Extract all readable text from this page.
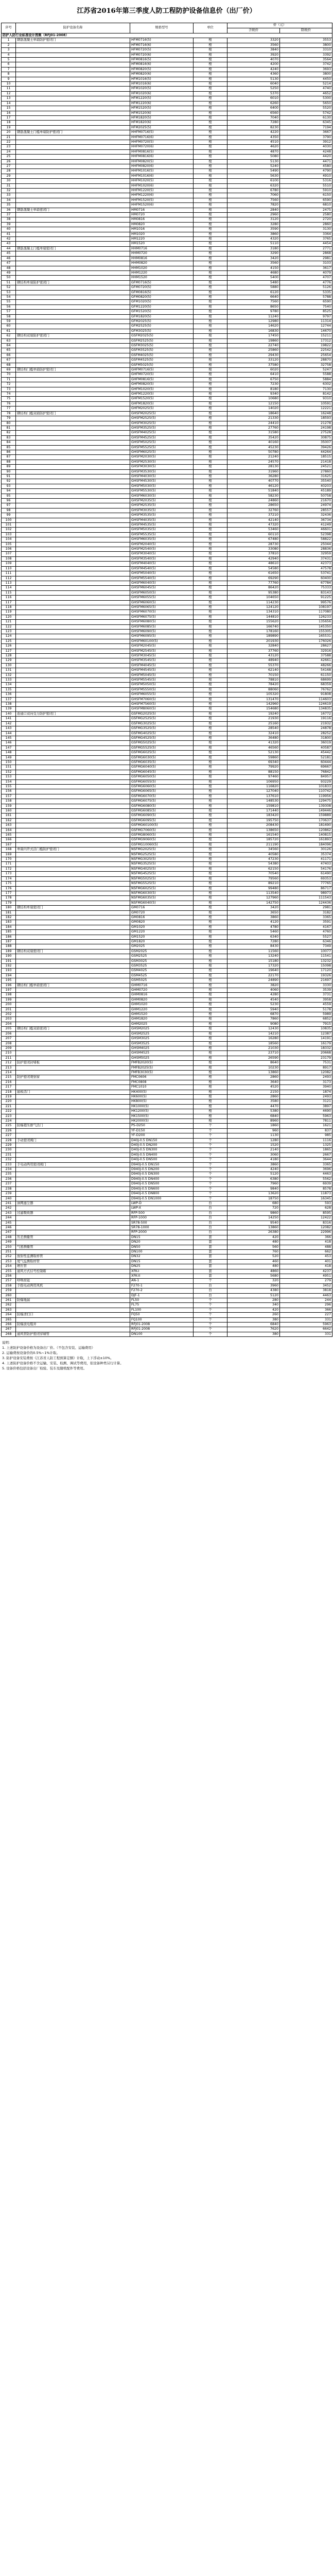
江苏省2016年第三季度人防工程防护设备信息价（出厂价）
序号	防护设备名称	规格型号	单位	价（元）	
				含税价	除税价
防护人防行业标准设计图集（RFJ01-2008）					
1	钢筋混凝土单扇防护密闭门	HFM0716(5)	樘	3320	3553
2		HFM0716(6)	樘	3560	3800
3		HFM0720(5)	樘	3840	3310
4		HFM0720(6)	樘	3920	3392
5		HFM0816(5)	樘	4070	3564
6		HFM0816(6)	樘	4200	3742
7		HFM0820(5)	樘	4240	3693
8		HFM0820(6)	樘	4360	3800
9		HFM1016(5)	樘	5130	4450
10		HFM1016(6)	樘	6040	5214
11		HFM1020(5)	樘	5250	4740
12		HFM1020(6)	樘	5370	4652
13		HFM1220(5)	樘	6010	5300
14		HFM1220(6)	樘	6260	5650
15		HFM1520(5)	樘	6400	5520
16		HFM1520(6)	樘	6560	5742
17		HFM1820(5)	樘	7040	6130
18		HFM1820(6)	樘	7280	6345
19		HFM2025(5)	樘	8230	7194
20	钢筋混凝土门槛单扇防护密闭门	HHFM0716(5)	樘	4220	3667
21		HHFM0716(6)	樘	4350	3790
22		HHFM0720(5)	樘	4510	3912
23		HHFM0720(6)	樘	4620	4030
24		HHFM0816(5)	樘	4870	4248
25		HHFM0816(6)	樘	5080	4420
26		HHFM0820(5)	樘	5130	4471
27		HHFM0820(6)	樘	5240	4580
28		HHFM1016(5)	樘	5490	4790
29		HHFM1016(6)	樘	5630	4910
30		HHFM1020(5)	樘	6100	5316
31		HHFM1020(6)	樘	6320	5510
32		HHFM1220(5)	樘	6780	5910
33		HHFM1220(6)	樘	7060	6150
34		HHFM1520(5)	樘	7560	6590
35		HHFM1520(6)	樘	7820	6810
36	钢筋混凝土单扇密闭门	HM0716	樘	2840	2475
37		HM0720	樘	2960	2580
38		HM0816	樘	3120	2720
39		HM0820	樘	3280	2860
40		HM1016	樘	3590	3130
41		HM1020	樘	3860	3364
42		HM1220	樘	4320	3765
43		HM1520	樘	5110	4454
44	钢筋混凝土门槛单扇密闭门	HHM0716	樘	3180	2771
45		HHM0720	樘	3290	2868
46		HHM0816	樘	3420	2981
47		HHM0820	樘	3560	3103
48		HHM1020	樘	4150	3617
49		HHM1220	樘	4680	4079
50		HHM1520	樘	5400	4707
51	钢结构单扇防护密闭门	GFM0716(5)	樘	5480	4776
52		GFM0720(5)	樘	5880	5126
53		GFM0816(5)	樘	6120	5335
54		GFM0820(5)	樘	6640	5788
55		GFM1020(5)	樘	7560	6590
56		GFM1220(5)	樘	8650	7540
57		GFM1520(5)	樘	9780	8525
58		GFM1820(5)	樘	11240	9797
59		GFM2025(5)	樘	12980	11314
60		GFM2525(5)	樘	14620	12744
61		GFM3025(5)	樘	16830	14670
62	钢结构双扇防护密闭门	GSFM2025(5)	樘	17450	15211
63		GSFM2525(5)	樘	19860	17312
64		GSFM3025(5)	樘	22740	19822
65		GSFM3525(5)	樘	25860	22542
66		GSFM4025(5)	樘	29430	25654
67		GSFM4525(5)	樘	33120	28870
68		GSFM5025(5)	樘	37580	32758
69	钢结构门槛单扇防护密闭门	GHFM0716(5)	樘	6020	5247
70		GHFM0720(5)	樘	6410	5588
71		GHFM0816(5)	樘	6750	5884
72		GHFM0820(5)	樘	7230	6302
73		GHFM1020(5)	樘	8180	7130
74		GHFM1220(5)	樘	9340	8142
75		GHFM1520(5)	樘	10680	9310
76		GHFM1820(5)	樘	12150	10591
77		GHFM2025(5)	樘	14020	12221
78	钢结构门槛双扇防护密闭门	GHSFM2025(5)	樘	18640	16248
79		GHSFM2525(5)	樘	21330	18593
80		GHSFM3025(5)	樘	24410	21278
81		GHSFM3525(5)	樘	27760	24198
82		GHSFM4025(5)	樘	31580	27528
83		GHSFM4525(5)	樘	35420	30875
84		GHSFM5025(5)	樘	40160	35007
85		GHSFM5525(5)	樘	45230	39426
86		GHSFM6025(5)	樘	50780	44264
87		GHSFM2030(5)	樘	21240	18515
88		GHSFM2530(5)	樘	24570	21418
89		GHSFM3030(5)	樘	28130	24521
90		GHSFM3530(5)	樘	31960	27860
91		GHSFM4030(5)	樘	36280	31625
92		GHSFM4530(5)	樘	40770	35540
93		GHSFM5030(5)	樘	46120	40203
94		GHSFM5530(5)	樘	51840	45189
95		GHSFM6030(5)	樘	58230	50758
96		GHSFM2035(5)	樘	24860	21670
97		GHSFM2535(5)	樘	28650	24974
98		GHSFM3035(5)	樘	32760	28557
99		GHSFM3535(5)	樘	37210	32436
100		GHSFM4035(5)	樘	42140	36734
101		GHSFM4535(5)	樘	47320	41249
102		GHSFM5035(5)	樘	53460	46601
103		GHSFM5535(5)	樘	60110	52398
104		GHSFM6035(5)	樘	67480	58822
105		GHSFM2040(5)	樘	28730	25044
106		GHSFM2540(5)	樘	33080	28836
107		GHSFM3040(5)	樘	37810	32959
108		GHSFM3540(5)	樘	42940	37431
109		GHSFM4040(5)	樘	48610	42373
110		GHSFM4540(5)	樘	54580	47578
111		GHSFM5040(5)	樘	61650	53741
112		GHSFM5540(5)	樘	69290	60400
113		GHSFM6040(5)	樘	77760	67784
114		GHSFM6045(5)	樘	86420	75333
115		GHSFM6050(5)	樘	95380	83143
116		GHSFM6055(5)	樘	104650	91225
117		GHSFM6060(5)	樘	114230	99576
118		GHSFM6065(5)	樘	124120	108197
119		GHSFM6070(5)	樘	134310	117080
120		GHSFM6075(5)	樘	144810	126233
121		GHSFM6080(5)	樘	155620	135656
122		GHSFM6085(5)	樘	166740	145350
123		GHSFM6090(5)	樘	178160	155305
124		GHSFM6095(5)	樘	189890	165531
125		GHSFM60100(5)	樘	201930	176026
126		GHSFM2045(5)	樘	32840	28627
127		GHSFM2545(5)	樘	37760	32916
128		GHSFM3045(5)	樘	43120	37588
129		GHSFM3545(5)	樘	48940	42661
130		GHSFM4045(5)	樘	55370	48266
131		GHSFM4545(5)	樘	62140	54168
132		GHSFM5045(5)	樘	70150	61150
133		GHSFM5545(5)	樘	78810	68699
134		GHSFM5050(5)	樘	78420	68359
135		GHSFM5550(5)	樘	88060	76762
136		GHSFM6055(5)	樘	105320	91808
137		GHSFM7060(5)	樘	131470	114603
138		GHSFM7560(5)	樘	142960	124619
139		GHSFM8060(5)	樘	154680	134835
140	连通口双向受力防护密闭门	GSFMG2025(5)	樘	19240	16772
141		GSFMG2525(5)	樘	21930	19116
142		GSFMG3025(5)	樘	25160	21932
143		GSFMG3525(5)	樘	28540	24878
144		GSFMG4025(5)	樘	32410	28252
145		GSFMG4525(5)	樘	36480	31800
146		GSFMG5025(5)	樘	41320	36019
147		GSFMG5525(5)	樘	46560	40587
148		GSFMG6025(5)	樘	52130	45442
149		GSFMG6030(5)	樘	59860	52181
150		GSFMG6035(5)	樘	69340	60444
151		GSFMG6040(5)	樘	79920	69667
152		GSFMG6045(5)	樘	88150	76842
153		GSFMG6050(5)	樘	97460	84957
154		GSFMG6055(5)	樘	106950	93229
155		GSFMG6060(5)	樘	116820	101833
156		GSFMG6065(5)	樘	127040	110742
157		GSFMG6070(5)	樘	137610	119956
158		GSFMG6075(5)	樘	148530	129475
159		GSFMG6080(5)	樘	159810	139308
160		GSFMG6085(5)	樘	171440	149446
161		GSFMG6090(5)	樘	183420	159889
162		GSFMG6095(5)	樘	195750	170637
163		GSFMG60100(5)	樘	208430	181690
164		GSFMG7060(5)	樘	138650	120862
165		GSFMG8060(5)	樘	161540	140815
166		GSFMG9060(5)	樘	185720	161893
167		GSFMG10060(5)	樘	211190	184096
168	单扇内开式活门槛防护密闭门	NSFMG2025(5)	樘	34560	30126
169		NSFMG2525(5)	樘	40580	35374
170		NSFMG3025(5)	樘	47230	41171
171		NSFMG3525(5)	樘	54380	47403
172		NSFMG4025(5)	樘	62150	54176
173		NSFMG4525(5)	樘	70540	61490
174		NSFMG5025(5)	樘	79560	69353
175		NSFMG5525(5)	樘	89210	77765
176		NSFMG6025(5)	樘	99480	86717
177		NSFMG6030(5)	樘	113540	98973
178		NSFMG6035(5)	樘	127960	111543
179		NSFMG6040(5)	樘	142750	124436
180	钢结构单扇密闭门	GM0716	樘	3420	2981
181		GM0720	樘	3650	3182
182		GM0816	樘	3860	3365
183		GM0820	樘	4120	3591
184		GM1020	樘	4780	4167
185		GM1220	樘	5460	4760
186		GM1520	樘	6340	5527
187		GM1820	樘	7280	6346
188		GM2025	樘	8430	7349
189	钢结构双扇密闭门	GSM2025	樘	11560	10077
190		GSM2525	樘	13240	11541
191		GSM3025	樘	15180	13232
192		GSM3525	樘	17320	15098
193		GSM4025	樘	19640	17120
194		GSM4525	樘	22170	19326
195		GSM5025	樘	24890	21697
196	钢结构门槛单扇密闭门	GHM0716	樘	3820	3330
197		GHM0720	樘	4060	3539
198		GHM0816	樘	4280	3731
199		GHM0820	樘	4540	3958
200		GHM1020	樘	5230	4559
201		GHM1220	樘	5940	5178
202		GHM1520	樘	6870	5989
203		GHM1820	樘	7860	6852
204		GHM2025	樘	9080	7915
205	钢结构门槛双扇密闭门	GHSM2025	樘	12430	10835
206		GHSM2525	樘	14210	12387
207		GHSM3025	樘	16280	14191
208		GHSM3525	樘	18560	16179
209		GHSM4025	樘	21030	18332
210		GHSM4525	樘	23710	20668
211		GHSM5025	樘	26590	23179
212	防护密闭封堵板	FMFB2020(5)	樘	8640	7531
213		FMFB2025(5)	樘	10230	8917
214		FMFB3030(5)	樘	13860	12082
215	防护密闭观察窗	FMC0606	樘	2860	2493
216		FMC0808	樘	3640	3173
217		FMC1010	樘	4520	3940
218	悬板活门	HK400(5)	樘	2150	1874
219		HK600(5)	樘	2860	2493
220		HK800(5)	樘	3580	3121
221		HK1000(5)	樘	4470	3897
222		HK1200(5)	樘	5380	4690
223		HK1500(5)	樘	6840	5963
224		HK2000(5)	樘	8960	7811
225	防爆超压排气活门	PS-D250	个	1860	1621
226		YF-D150	个	960	837
227		YF-D200	个	1130	985
228	手动密闭阀门	D40J-0.5 DN150	个	1280	1116
229		D40J-0.5 DN200	个	1520	1325
230		D40J-0.5 DN300	个	2140	1865
231		D40J-0.5 DN400	个	3060	2667
232		D40J-0.5 DN500	个	4180	3644
233	手电动两用密闭阀门	D940J-0.5 DN150	个	3860	3365
234		D940J-0.5 DN200	个	4240	3696
235		D940J-0.5 DN300	个	5120	4463
236		D940J-0.5 DN400	个	6380	5562
237		D940J-0.5 DN500	个	7960	6939
238		D940J-0.5 DN600	个	9840	8578
239		D940J-0.5 DN800	个	13620	11873
240		D940J-0.5 DN1000	个	18750	16345
241	油网滤尘器	LWP-D	台	680	593
242		LWP-X	台	720	628
243	过滤吸收器	RFP-500	台	9860	8595
244		RFP-1000	台	14250	12422
245		SR78-500	台	9540	8316
246		SR78-1000	台	13860	12082
247		RFP-2000	台	26380	22996
248	压差测量管	DN15	套	420	366
249		DN20	套	480	418
250	气密测量管	DN50	套	560	488
251		DN100	套	760	662
252	放射性监测取样管	DN32	套	520	453
253	尾气监测取样管	DN15	套	460	401
254	增压管	DN25	套	480	418
255	通风方式信号控制箱	XFK-I	套	4860	4237
256		XFK-II	套	5680	4951
257	呼唤按钮	AN-1	个	320	279
258	手摇电动两用风机	F270-1	台	3960	3452
259		F270-2	台	4380	3818
260		DJF-1	台	5120	4463
261	防爆地漏	FL50	个	280	244
262		FL75	个	340	296
263		FL100	个	420	366
264	防爆清扫口	FQ50	个	260	227
265		FQ100	个	380	331
266	防爆波电缆井	RFJ01-2008	个	6840	5963
267		RFJ01-2008	个	7620	6642
268	通风管防护密闭穿墙管	DN100	个	380	331
说明：
1. 上述防护设备价格为设备出厂价。（不包含安装、运输费用）
2. 运输费按设备价的0.5%~1%计取。
3. 防护设备安装费按《江苏省人防工程预算定额》计取，上下浮动±10%。
4. 上述防护设备价格不含运输、安装、检测、调试等费用，依设备种类另行计算。
5. 设备价格包括设备出厂检验、装车及随机配件等费用。
